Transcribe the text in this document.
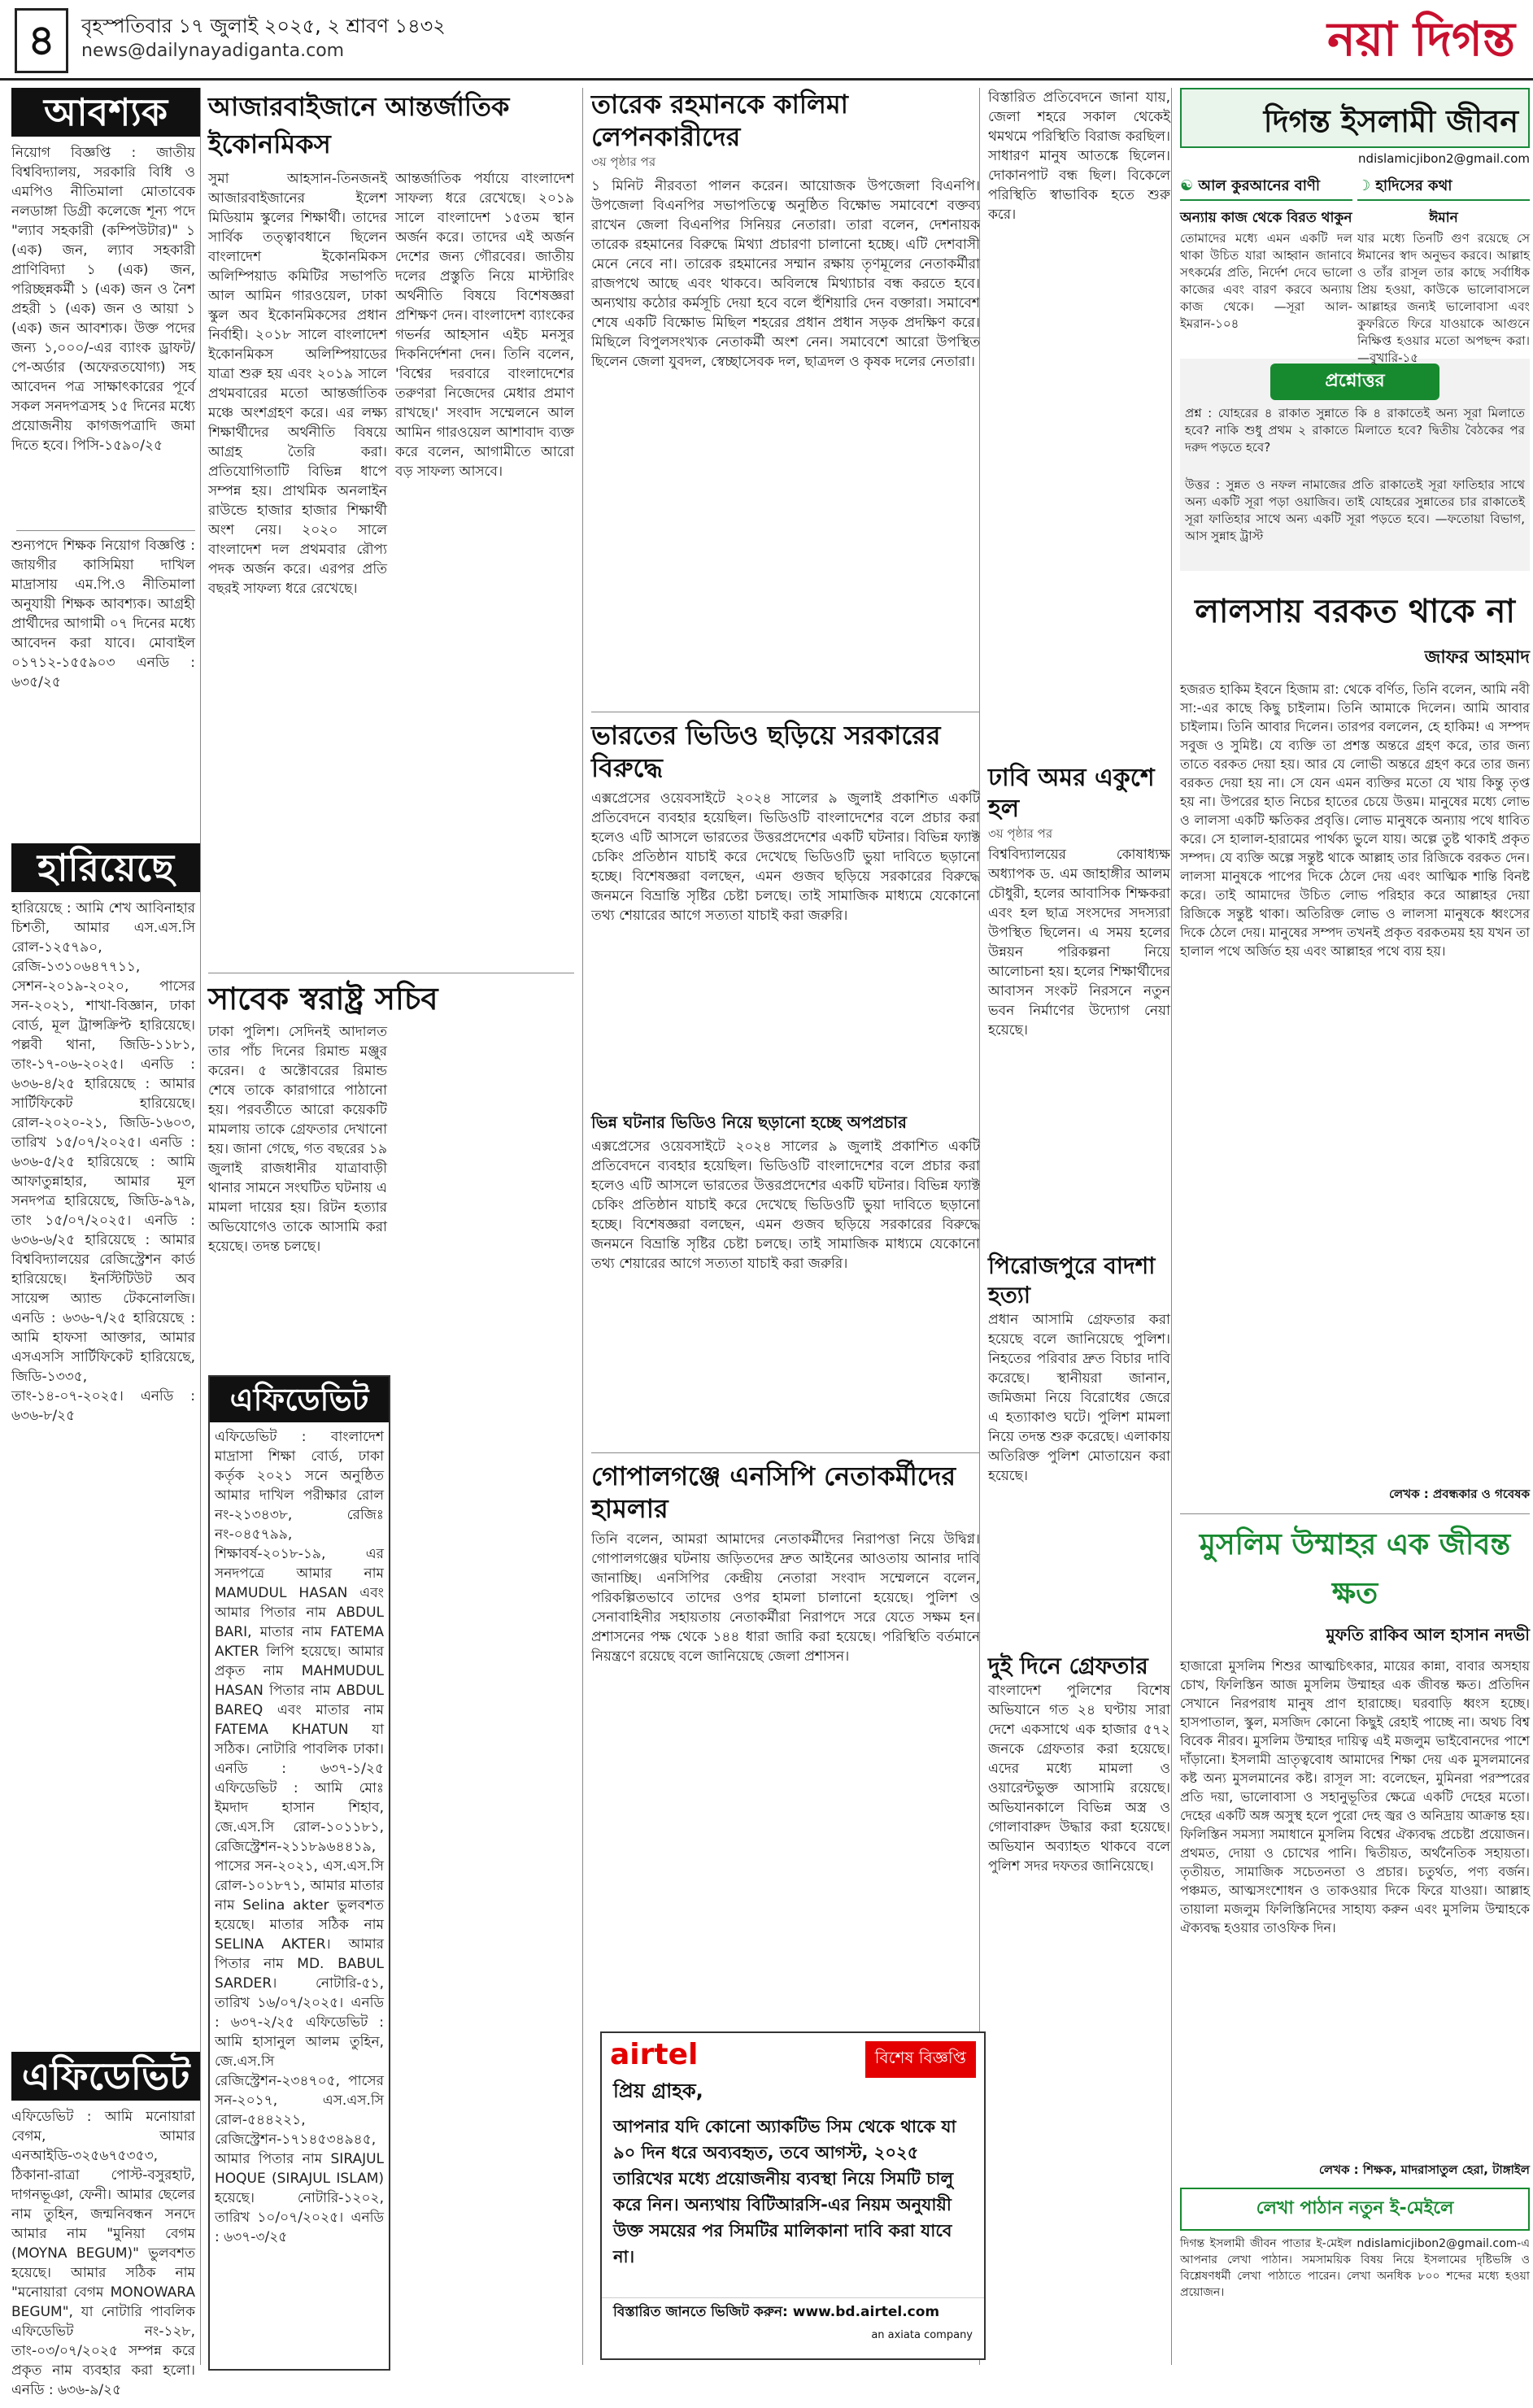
৪	বৃহস্পতিবার ১৭ জুলাই ২০২৫, ২ শ্রাবণ ১৪৩২
news@dailynayadiganta.com	নয়া দিগন্ত
আবশ্যক
নিয়োগ বিজ্ঞপ্তি : জাতীয় বিশ্ববিদ্যালয়, সরকারি বিধি ও এমপিও নীতিমালা মোতাবেক নলডাঙ্গা ডিগ্রী কলেজে শূন্য পদে "ল্যাব সহকারী (কম্পিউটার)" ১ (এক) জন, ল্যাব সহকারী প্রাণিবিদ্যা ১ (এক) জন, পরিচ্ছন্নকর্মী ১ (এক) জন ও নৈশ প্রহরী ১ (এক) জন ও আয়া ১ (এক) জন আবশ্যক। উক্ত পদের জন্য ১,০০০/-এর ব্যাংক ড্রাফট/পে-অর্ডার (অফেরতযোগ্য) সহ আবেদন পত্র সাক্ষাৎকারের পূর্বে সকল সনদপত্রসহ ১৫ দিনের মধ্যে প্রয়োজনীয় কাগজপত্রাদি জমা দিতে হবে। পিসি-১৫৯০/২৫
শুন্যপদে শিক্ষক নিয়োগ বিজ্ঞপ্তি : জায়গীর কাসিমিয়া দাখিল মাদ্রাসায় এম.পি.ও নীতিমালা অনুযায়ী শিক্ষক আবশ্যক। আগ্রহী প্রার্থীদের আগামী ০৭ দিনের মধ্যে আবেদন করা যাবে। মোবাইল ০১৭১২-১৫৫৯০৩ এনডি : ৬৩৫/২৫
হারিয়েছে
হারিয়েছে : আমি শেখ আবিনাহার চিশতী, আমার এস.এস.সি রোল-১২৫৭৯০, রেজি-১৩১০৬৪৭৭১১, সেশন-২০১৯-২০২০, পাসের সন-২০২১, শাখা-বিজ্ঞান, ঢাকা বোর্ড, মূল ট্রান্সক্রিপ্ট হারিয়েছে। পল্লবী থানা, জিডি-১১৮১, তাং-১৭-০৬-২০২৫। এনডি : ৬৩৬-৪/২৫ হারিয়েছে : আমার সার্টিফিকেট হারিয়েছে। রোল-২০২০-২১, জিডি-১৬০৩, তারিখ ১৫/০৭/২০২৫। এনডি : ৬৩৬-৫/২৫ হারিয়েছে : আমি আফাতুন্নাহার, আমার মূল সনদপত্র হারিয়েছে, জিডি-৯৭৯, তাং ১৫/০৭/২০২৫। এনডি : ৬৩৬-৬/২৫ হারিয়েছে : আমার বিশ্ববিদ্যালয়ের রেজিস্ট্রেশন কার্ড হারিয়েছে। ইনস্টিটিউট অব সায়েন্স অ্যান্ড টেকনোলজি। এনডি : ৬৩৬-৭/২৫ হারিয়েছে : আমি হাফসা আক্তার, আমার এসএসসি সার্টিফিকেট হারিয়েছে, জিডি-১৩৩৫, তাং-১৪-০৭-২০২৫। এনডি : ৬৩৬-৮/২৫
এফিডেভিট
এফিডেভিট : আমি মনোয়ারা বেগম, আমার এনআইডি-৩২৫৬৭৫৩৫৩, ঠিকানা-রাত্রা পোস্ট-বসুরহাট, দাগনভূঞা, ফেনী। আমার ছেলের নাম তুহিন, জন্মনিবন্ধন সনদে আমার নাম "মুনিয়া বেগম (MOYNA BEGUM)" ভুলবশত হয়েছে। আমার সঠিক নাম "মনোয়ারা বেগম MONOWARA BEGUM", যা নোটারি পাবলিক এফিডেভিট নং-১২৮, তাং-০৩/০৭/২০২৫ সম্পন্ন করে প্রকৃত নাম ব্যবহার করা হলো। এনডি : ৬৩৬-৯/২৫
আজারবাইজানে আন্তর্জাতিক ইকোনমিকস
সুমা আহসান-তিনজনই আজারবাইজানের ইলেশ মিডিয়াম স্কুলের শিক্ষার্থী। তাদের সার্বিক তত্ত্বাবধানে ছিলেন বাংলাদেশ ইকোনমিকস অলিম্পিয়াড কমিটির সভাপতি আল আমিন গারওয়েল, ঢাকা স্কুল অব ইকোনমিকসের প্রধান নির্বাহী। ২০১৮ সালে বাংলাদেশ ইকোনমিকস অলিম্পিয়াডের যাত্রা শুরু হয় এবং ২০১৯ সালে প্রথমবারের মতো আন্তর্জাতিক মঞ্চে অংশগ্রহণ করে। এর লক্ষ্য শিক্ষার্থীদের অর্থনীতি বিষয়ে আগ্রহ তৈরি করা। প্রতিযোগিতাটি বিভিন্ন ধাপে সম্পন্ন হয়। প্রাথমিক অনলাইন রাউন্ডে হাজার হাজার শিক্ষার্থী অংশ নেয়। ২০২০ সালে বাংলাদেশ দল প্রথমবার রৌপ্য পদক অর্জন করে। এরপর প্রতি বছরই সাফল্য ধরে রেখেছে।
আন্তর্জাতিক পর্যায়ে বাংলাদেশ সাফল্য ধরে রেখেছে। ২০১৯ সালে বাংলাদেশ ১৫তম স্থান অর্জন করে। তাদের এই অর্জন দেশের জন্য গৌরবের। জাতীয় দলের প্রস্তুতি নিয়ে মাস্টারিং অর্থনীতি বিষয়ে বিশেষজ্ঞরা প্রশিক্ষণ দেন। বাংলাদেশ ব্যাংকের গভর্নর আহসান এইচ মনসুর দিকনির্দেশনা দেন। তিনি বলেন, 'বিশ্বের দরবারে বাংলাদেশের তরুণরা নিজেদের মেধার প্রমাণ রাখছে।' সংবাদ সম্মেলনে আল আমিন গারওয়েল আশাবাদ ব্যক্ত করে বলেন, আগামীতে আরো বড় সাফল্য আসবে।
সাবেক স্বরাষ্ট্র সচিব
ঢাকা পুলিশ। সেদিনই আদালত তার পাঁচ দিনের রিমান্ড মঞ্জুর করেন। ৫ অক্টোবরের রিমান্ড শেষে তাকে কারাগারে পাঠানো হয়। পরবর্তীতে আরো কয়েকটি মামলায় তাকে গ্রেফতার দেখানো হয়। জানা গেছে, গত বছরের ১৯ জুলাই রাজধানীর যাত্রাবাড়ী থানার সামনে সংঘটিত ঘটনায় এ মামলা দায়ের হয়। রিটন হত্যার অভিযোগেও তাকে আসামি করা হয়েছে। তদন্ত চলছে।
এফিডেভিট
এফিডেভিট : বাংলাদেশ মাদ্রাসা শিক্ষা বোর্ড, ঢাকা কর্তৃক ২০২১ সনে অনুষ্ঠিত আমার দাখিল পরীক্ষার রোল নং-২১৩৪৩৮, রেজিঃ নং-০৪৫৭৯৯, শিক্ষাবর্ষ-২০১৮-১৯, এর সনদপত্রে আমার নাম MAMUDUL HASAN এবং আমার পিতার নাম ABDUL BARI, মাতার নাম FATEMA AKTER লিপি হয়েছে। আমার প্রকৃত নাম MAHMUDUL HASAN পিতার নাম ABDUL BAREQ এবং মাতার নাম FATEMA KHATUN যা সঠিক। নোটারি পাবলিক ঢাকা। এনডি : ৬৩৭-১/২৫ এফিডেভিট : আমি মোঃ ইমদাদ হাসান শিহাব, জে.এস.সি রোল-১০১১৮১, রেজিস্ট্রেশন-২১১৮৯৬৪৪১৯, পাসের সন-২০২১, এস.এস.সি রোল-১০১৮৭১, আমার মাতার নাম Selina akter ভুলবশত হয়েছে। মাতার সঠিক নাম SELINA AKTER। আমার পিতার নাম MD. BABUL SARDER। নোটারি-৫১, তারিখ ১৬/০৭/২০২৫। এনডি : ৬৩৭-২/২৫ এফিডেভিট : আমি হাসানুল আলম তুহিন, জে.এস.সি রেজিস্ট্রেশন-২৩৪৭০৫, পাসের সন-২০১৭, এস.এস.সি রোল-৫৪৪২২১, রেজিস্ট্রেশন-১৭১৪৫৩৪৯৪৫, আমার পিতার নাম SIRAJUL HOQUE (SIRAJUL ISLAM) হয়েছে। নোটারি-১২০২, তারিখ ১০/০৭/২০২৫। এনডি : ৬৩৭-৩/২৫
তারেক রহমানকে কালিমা লেপনকারীদের
৩য় পৃষ্ঠার পর
১ মিনিট নীরবতা পালন করেন। আয়োজক উপজেলা বিএনপি। উপজেলা বিএনপির সভাপতিত্বে অনুষ্ঠিত বিক্ষোভ সমাবেশে বক্তব্য রাখেন জেলা বিএনপির সিনিয়র নেতারা। তারা বলেন, দেশনায়ক তারেক রহমানের বিরুদ্ধে মিথ্যা প্রচারণা চালানো হচ্ছে। এটি দেশবাসী মেনে নেবে না। তারেক রহমানের সম্মান রক্ষায় তৃণমূলের নেতাকর্মীরা রাজপথে আছে এবং থাকবে। অবিলম্বে মিথ্যাচার বন্ধ করতে হবে। অন্যথায় কঠোর কর্মসূচি দেয়া হবে বলে হুঁশিয়ারি দেন বক্তারা। সমাবেশ শেষে একটি বিক্ষোভ মিছিল শহরের প্রধান প্রধান সড়ক প্রদক্ষিণ করে। মিছিলে বিপুলসংখ্যক নেতাকর্মী অংশ নেন। সমাবেশে আরো উপস্থিত ছিলেন জেলা যুবদল, স্বেচ্ছাসেবক দল, ছাত্রদল ও কৃষক দলের নেতারা।
ভারতের ভিডিও ছড়িয়ে সরকারের বিরুদ্ধে
এক্সপ্রেসের ওয়েবসাইটে ২০২৪ সালের ৯ জুলাই প্রকাশিত একটি প্রতিবেদনে ব্যবহার হয়েছিল। ভিডিওটি বাংলাদেশের বলে প্রচার করা হলেও এটি আসলে ভারতের উত্তরপ্রদেশের একটি ঘটনার। বিভিন্ন ফ্যাক্ট চেকিং প্রতিষ্ঠান যাচাই করে দেখেছে ভিডিওটি ভুয়া দাবিতে ছড়ানো হচ্ছে। বিশেষজ্ঞরা বলছেন, এমন গুজব ছড়িয়ে সরকারের বিরুদ্ধে জনমনে বিভ্রান্তি সৃষ্টির চেষ্টা চলছে। তাই সামাজিক মাধ্যমে যেকোনো তথ্য শেয়ারের আগে সত্যতা যাচাই করা জরুরি।
ভিন্ন ঘটনার ভিডিও নিয়ে ছড়ানো হচ্ছে অপপ্রচার
এক্সপ্রেসের ওয়েবসাইটে ২০২৪ সালের ৯ জুলাই প্রকাশিত একটি প্রতিবেদনে ব্যবহার হয়েছিল। ভিডিওটি বাংলাদেশের বলে প্রচার করা হলেও এটি আসলে ভারতের উত্তরপ্রদেশের একটি ঘটনার। বিভিন্ন ফ্যাক্ট চেকিং প্রতিষ্ঠান যাচাই করে দেখেছে ভিডিওটি ভুয়া দাবিতে ছড়ানো হচ্ছে। বিশেষজ্ঞরা বলছেন, এমন গুজব ছড়িয়ে সরকারের বিরুদ্ধে জনমনে বিভ্রান্তি সৃষ্টির চেষ্টা চলছে। তাই সামাজিক মাধ্যমে যেকোনো তথ্য শেয়ারের আগে সত্যতা যাচাই করা জরুরি।
গোপালগঞ্জে এনসিপি নেতাকর্মীদের হামলার
তিনি বলেন, আমরা আমাদের নেতাকর্মীদের নিরাপত্তা নিয়ে উদ্বিগ্ন। গোপালগঞ্জের ঘটনায় জড়িতদের দ্রুত আইনের আওতায় আনার দাবি জানাচ্ছি। এনসিপির কেন্দ্রীয় নেতারা সংবাদ সম্মেলনে বলেন, পরিকল্পিতভাবে তাদের ওপর হামলা চালানো হয়েছে। পুলিশ ও সেনাবাহিনীর সহায়তায় নেতাকর্মীরা নিরাপদে সরে যেতে সক্ষম হন। প্রশাসনের পক্ষ থেকে ১৪৪ ধারা জারি করা হয়েছে। পরিস্থিতি বর্তমানে নিয়ন্ত্রণে রয়েছে বলে জানিয়েছে জেলা প্রশাসন।
বিস্তারিত প্রতিবেদনে জানা যায়, জেলা শহরে সকাল থেকেই থমথমে পরিস্থিতি বিরাজ করছিল। সাধারণ মানুষ আতঙ্কে ছিলেন। দোকানপাট বন্ধ ছিল। বিকেলে পরিস্থিতি স্বাভাবিক হতে শুরু করে।
ঢাবি অমর একুশে হল
৩য় পৃষ্ঠার পর
বিশ্ববিদ্যালয়ের কোষাধ্যক্ষ অধ্যাপক ড. এম জাহাঙ্গীর আলম চৌধুরী, হলের আবাসিক শিক্ষকরা এবং হল ছাত্র সংসদের সদস্যরা উপস্থিত ছিলেন। এ সময় হলের উন্নয়ন পরিকল্পনা নিয়ে আলোচনা হয়। হলের শিক্ষার্থীদের আবাসন সংকট নিরসনে নতুন ভবন নির্মাণের উদ্যোগ নেয়া হয়েছে।
পিরোজপুরে বাদশা হত্যা
প্রধান আসামি গ্রেফতার করা হয়েছে বলে জানিয়েছে পুলিশ। নিহতের পরিবার দ্রুত বিচার দাবি করেছে। স্থানীয়রা জানান, জমিজমা নিয়ে বিরোধের জেরে এ হত্যাকাণ্ড ঘটে। পুলিশ মামলা নিয়ে তদন্ত শুরু করেছে। এলাকায় অতিরিক্ত পুলিশ মোতায়েন করা হয়েছে।
দুই দিনে গ্রেফতার
বাংলাদেশ পুলিশের বিশেষ অভিযানে গত ২৪ ঘণ্টায় সারা দেশে একসাথে এক হাজার ৫৭২ জনকে গ্রেফতার করা হয়েছে। এদের মধ্যে মামলা ও ওয়ারেন্টভুক্ত আসামি রয়েছে। অভিযানকালে বিভিন্ন অস্ত্র ও গোলাবারুদ উদ্ধার করা হয়েছে। অভিযান অব্যাহত থাকবে বলে পুলিশ সদর দফতর জানিয়েছে।
airtel	বিশেষ বিজ্ঞপ্তি
প্রিয় গ্রাহক,
আপনার যদি কোনো অ্যাকটিভ সিম থেকে থাকে যা ৯০ দিন ধরে অব্যবহৃত, তবে আগস্ট, ২০২৫ তারিখের মধ্যে প্রয়োজনীয় ব্যবস্থা নিয়ে সিমটি চালু করে নিন। অন্যথায় বিটিআরসি-এর নিয়ম অনুযায়ী উক্ত সময়ের পর সিমটির মালিকানা দাবি করা যাবে না।
বিস্তারিত জানতে ভিজিট করুন: www.bd.airtel.com
an axiata company
দিগন্ত ইসলামী জীবন
ndislamicjibon2@gmail.com
☯ আল কুরআনের বাণী
অন্যায় কাজ থেকে বিরত থাকুন
তোমাদের মধ্যে এমন একটি দল থাকা উচিত যারা আহ্বান জানাবে সৎকর্মের প্রতি, নির্দেশ দেবে ভালো কাজের এবং বারণ করবে অন্যায় কাজ থেকে। —সূরা আল-ইমরান-১০৪
☽ হাদিসের কথা
ঈমান
যার মধ্যে তিনটি গুণ রয়েছে সে ঈমানের স্বাদ অনুভব করবে। আল্লাহ ও তাঁর রাসূল তার কাছে সর্বাধিক প্রিয় হওয়া, কাউকে ভালোবাসলে আল্লাহর জন্যই ভালোবাসা এবং কুফরিতে ফিরে যাওয়াকে আগুনে নিক্ষিপ্ত হওয়ার মতো অপছন্দ করা। —বুখারি-১৫
প্রশ্নোত্তর
প্রশ্ন : যোহরের ৪ রাকাত সুন্নাতে কি ৪ রাকাতেই অন্য সূরা মিলাতে হবে? নাকি শুধু প্রথম ২ রাকাতে মিলাতে হবে? দ্বিতীয় বৈঠকের পর দরুদ পড়তে হবে?
উত্তর : সুন্নত ও নফল নামাজের প্রতি রাকাতেই সূরা ফাতিহার সাথে অন্য একটি সূরা পড়া ওয়াজিব। তাই যোহরের সুন্নাতের চার রাকাতেই সূরা ফাতিহার সাথে অন্য একটি সূরা পড়তে হবে। —ফতোয়া বিভাগ, আস সুন্নাহ ট্রাস্ট
লালসায় বরকত থাকে না
জাফর আহমাদ
হজরত হাকিম ইবনে হিজাম রা: থেকে বর্ণিত, তিনি বলেন, আমি নবী সা:-এর কাছে কিছু চাইলাম। তিনি আমাকে দিলেন। আমি আবার চাইলাম। তিনি আবার দিলেন। তারপর বললেন, হে হাকিম! এ সম্পদ সবুজ ও সুমিষ্ট। যে ব্যক্তি তা প্রশস্ত অন্তরে গ্রহণ করে, তার জন্য তাতে বরকত দেয়া হয়। আর যে লোভী অন্তরে গ্রহণ করে তার জন্য বরকত দেয়া হয় না। সে যেন এমন ব্যক্তির মতো যে খায় কিন্তু তৃপ্ত হয় না। উপরের হাত নিচের হাতের চেয়ে উত্তম। মানুষের মধ্যে লোভ ও লালসা একটি ক্ষতিকর প্রবৃত্তি। লোভ মানুষকে অন্যায় পথে ধাবিত করে। সে হালাল-হারামের পার্থক্য ভুলে যায়। অল্পে তুষ্ট থাকাই প্রকৃত সম্পদ। যে ব্যক্তি অল্পে সন্তুষ্ট থাকে আল্লাহ তার রিজিকে বরকত দেন। লালসা মানুষকে পাপের দিকে ঠেলে দেয় এবং আত্মিক শান্তি বিনষ্ট করে। তাই আমাদের উচিত লোভ পরিহার করে আল্লাহর দেয়া রিজিকে সন্তুষ্ট থাকা। অতিরিক্ত লোভ ও লালসা মানুষকে ধ্বংসের দিকে ঠেলে দেয়। মানুষের সম্পদ তখনই প্রকৃত বরকতময় হয় যখন তা হালাল পথে অর্জিত হয় এবং আল্লাহর পথে ব্যয় হয়।
লেখক : প্রবন্ধকার ও গবেষক
মুসলিম উম্মাহর এক জীবন্ত ক্ষত
মুফতি রাকিব আল হাসান নদভী
হাজারো মুসলিম শিশুর আত্মচিৎকার, মায়ের কান্না, বাবার অসহায় চোখ, ফিলিস্তিন আজ মুসলিম উম্মাহর এক জীবন্ত ক্ষত। প্রতিদিন সেখানে নিরপরাধ মানুষ প্রাণ হারাচ্ছে। ঘরবাড়ি ধ্বংস হচ্ছে। হাসপাতাল, স্কুল, মসজিদ কোনো কিছুই রেহাই পাচ্ছে না। অথচ বিশ্ব বিবেক নীরব। মুসলিম উম্মাহর দায়িত্ব এই মজলুম ভাইবোনদের পাশে দাঁড়ানো। ইসলামী ভ্রাতৃত্ববোধ আমাদের শিক্ষা দেয় এক মুসলমানের কষ্ট অন্য মুসলমানের কষ্ট। রাসূল সা: বলেছেন, মুমিনরা পরস্পরের প্রতি দয়া, ভালোবাসা ও সহানুভূতির ক্ষেত্রে একটি দেহের মতো। দেহের একটি অঙ্গ অসুস্থ হলে পুরো দেহ জ্বর ও অনিদ্রায় আক্রান্ত হয়। ফিলিস্তিন সমস্যা সমাধানে মুসলিম বিশ্বের ঐক্যবদ্ধ প্রচেষ্টা প্রয়োজন। প্রথমত, দোয়া ও চোখের পানি। দ্বিতীয়ত, অর্থনৈতিক সহায়তা। তৃতীয়ত, সামাজিক সচেতনতা ও প্রচার। চতুর্থত, পণ্য বর্জন। পঞ্চমত, আত্মসংশোধন ও তাকওয়ার দিকে ফিরে যাওয়া। আল্লাহ তায়ালা মজলুম ফিলিস্তিনিদের সাহায্য করুন এবং মুসলিম উম্মাহকে ঐক্যবদ্ধ হওয়ার তাওফিক দিন।
লেখক : শিক্ষক, মাদরাসাতুল হেরা, টাঙ্গাইল
লেখা পাঠান নতুন ই-মেইলে
দিগন্ত ইসলামী জীবন পাতার ই-মেইল ndislamicjibon2@gmail.com-এ আপনার লেখা পাঠান। সমসাময়িক বিষয় নিয়ে ইসলামের দৃষ্টিভঙ্গি ও বিশ্লেষণধর্মী লেখা পাঠাতে পারেন। লেখা অনধিক ৮০০ শব্দের মধ্যে হওয়া প্রয়োজন।
